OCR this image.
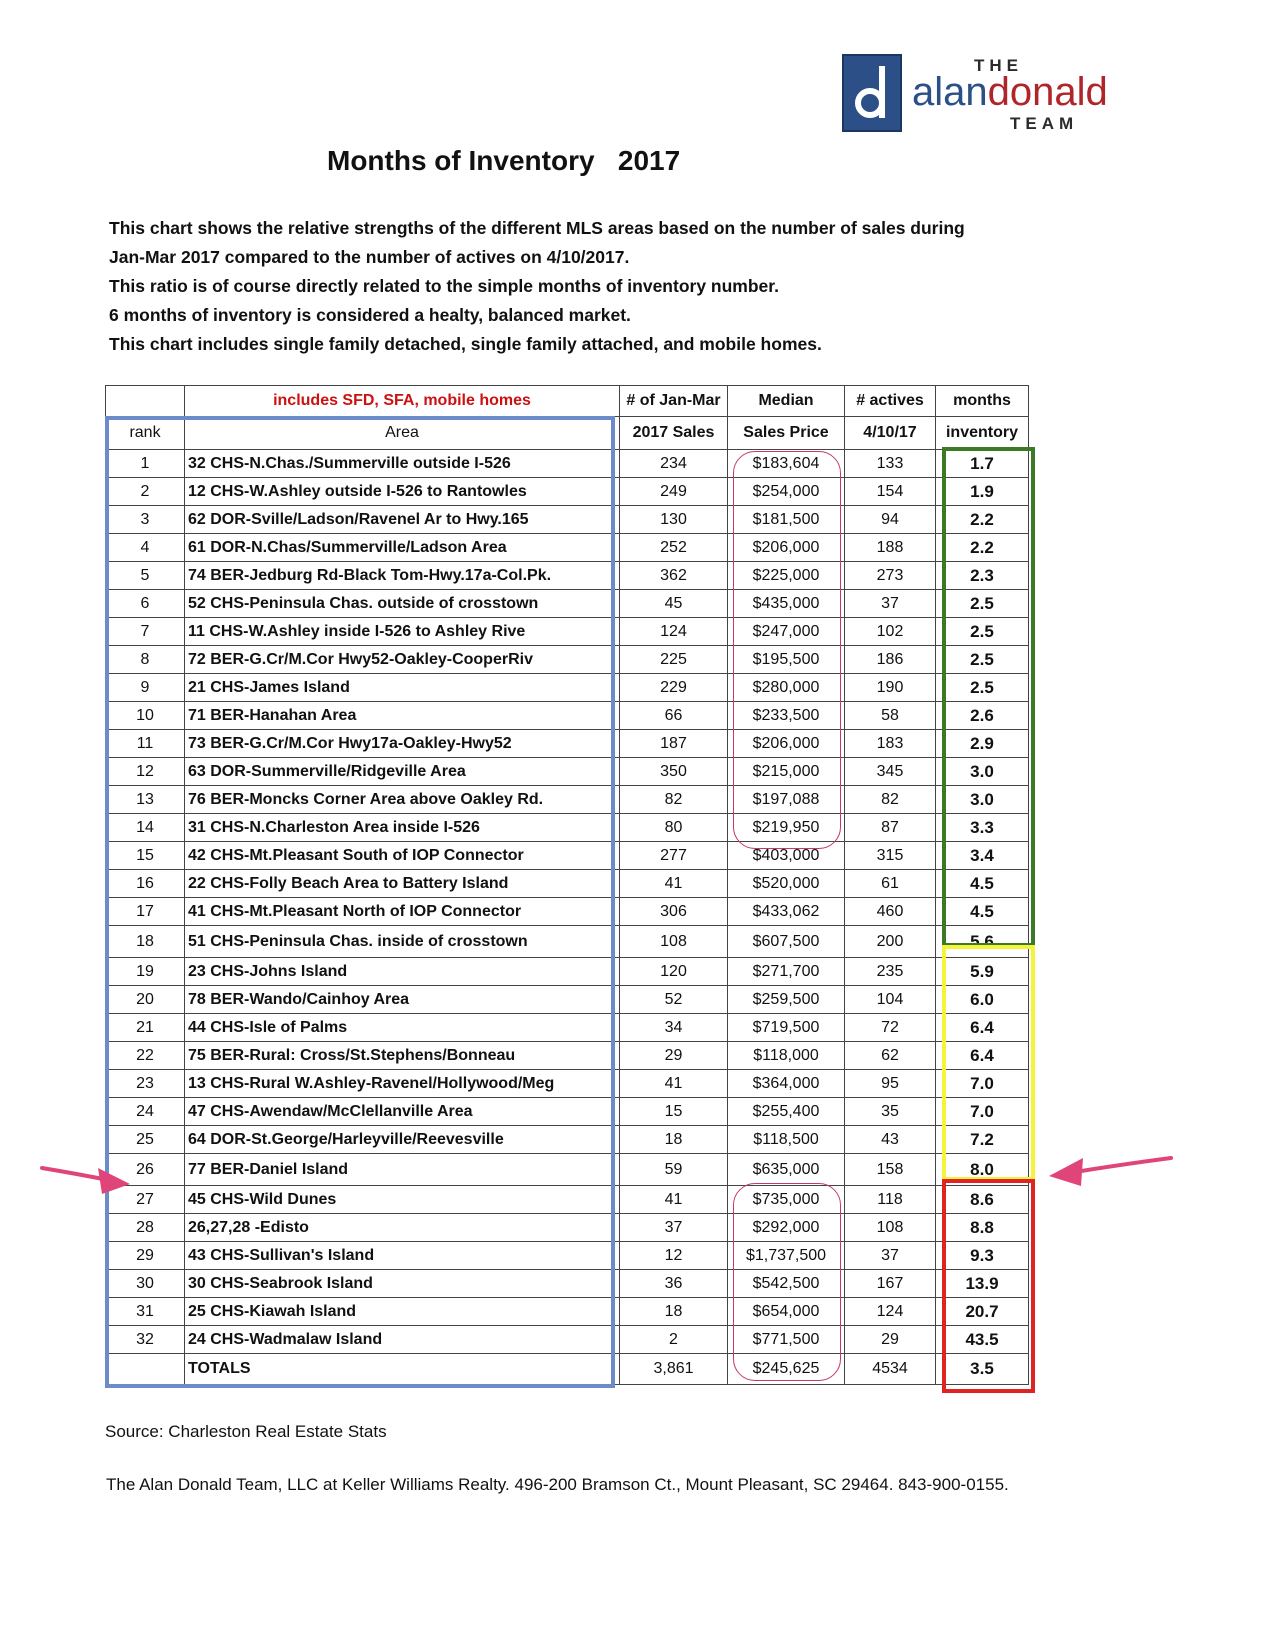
THE
alandonald
TEAM
Months of Inventory   2017
This chart shows the relative strengths of the different MLS areas based on the number of sales during
Jan-Mar 2017 compared to the number of actives on 4/10/2017.
This ratio is of course directly related to the simple months of inventory number.
6 months of inventory is considered a healty, balanced market.
This chart includes single family detached, single family attached, and mobile homes.
	includes SFD, SFA, mobile homes	# of Jan-Mar	Median	# actives	months
rank	Area	2017 Sales	Sales Price	4/10/17	inventory
1	32 CHS-N.Chas./Summerville outside I-526	234	$183,604	133	1.7
2	12 CHS-W.Ashley outside I-526 to Rantowles	249	$254,000	154	1.9
3	62 DOR-Sville/Ladson/Ravenel Ar to Hwy.165	130	$181,500	94	2.2
4	61 DOR-N.Chas/Summerville/Ladson Area	252	$206,000	188	2.2
5	74 BER-Jedburg Rd-Black Tom-Hwy.17a-Col.Pk.	362	$225,000	273	2.3
6	52 CHS-Peninsula Chas. outside of crosstown	45	$435,000	37	2.5
7	11 CHS-W.Ashley inside I-526 to Ashley Rive	124	$247,000	102	2.5
8	72 BER-G.Cr/M.Cor Hwy52-Oakley-CooperRiv	225	$195,500	186	2.5
9	21 CHS-James Island	229	$280,000	190	2.5
10	71 BER-Hanahan Area	66	$233,500	58	2.6
11	73 BER-G.Cr/M.Cor Hwy17a-Oakley-Hwy52	187	$206,000	183	2.9
12	63 DOR-Summerville/Ridgeville Area	350	$215,000	345	3.0
13	76 BER-Moncks Corner Area above Oakley Rd.	82	$197,088	82	3.0
14	31 CHS-N.Charleston Area inside I-526	80	$219,950	87	3.3
15	42 CHS-Mt.Pleasant South of IOP Connector	277	$403,000	315	3.4
16	22 CHS-Folly Beach Area to Battery Island	41	$520,000	61	4.5
17	41 CHS-Mt.Pleasant North of IOP Connector	306	$433,062	460	4.5
18	51 CHS-Peninsula Chas. inside of crosstown	108	$607,500	200	5.6
19	23 CHS-Johns Island	120	$271,700	235	5.9
20	78 BER-Wando/Cainhoy Area	52	$259,500	104	6.0
21	44 CHS-Isle of Palms	34	$719,500	72	6.4
22	75 BER-Rural: Cross/St.Stephens/Bonneau	29	$118,000	62	6.4
23	13 CHS-Rural W.Ashley-Ravenel/Hollywood/Meg	41	$364,000	95	7.0
24	47 CHS-Awendaw/McClellanville Area	15	$255,400	35	7.0
25	64 DOR-St.George/Harleyville/Reevesville	18	$118,500	43	7.2
26	77 BER-Daniel Island	59	$635,000	158	8.0
27	45 CHS-Wild Dunes	41	$735,000	118	8.6
28	26,27,28 -Edisto	37	$292,000	108	8.8
29	43 CHS-Sullivan's Island	12	$1,737,500	37	9.3
30	30 CHS-Seabrook Island	36	$542,500	167	13.9
31	25 CHS-Kiawah Island	18	$654,000	124	20.7
32	24 CHS-Wadmalaw Island	2	$771,500	29	43.5
	TOTALS	3,861	$245,625	4534	3.5
Source: Charleston Real Estate Stats
The Alan Donald Team, LLC at Keller Williams Realty. 496-200 Bramson Ct., Mount Pleasant, SC 29464. 843-900-0155.
